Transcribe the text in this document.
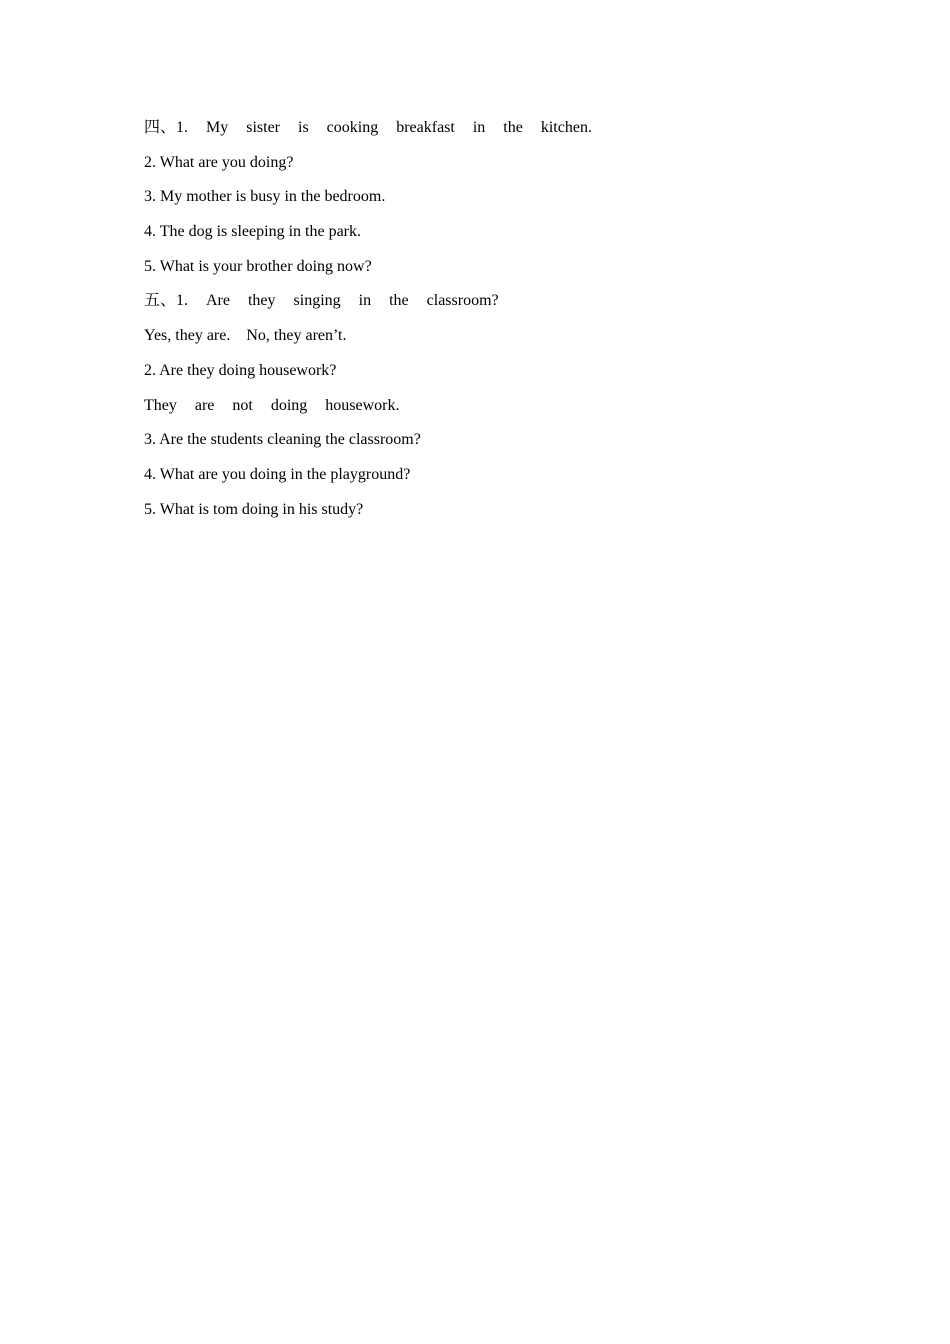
四、1.  My  sister  is  cooking  breakfast  in  the  kitchen.
2. What are you doing?
3. My mother is busy in the bedroom.
4. The dog is sleeping in the park.
5. What is your brother doing now?
五、1.  Are  they  singing  in  the  classroom?
Yes, they are.    No, they aren’t.
2. Are they doing housework?
They  are  not  doing  housework.
3. Are the students cleaning the classroom?
4. What are you doing in the playground?
5. What is tom doing in his study?
